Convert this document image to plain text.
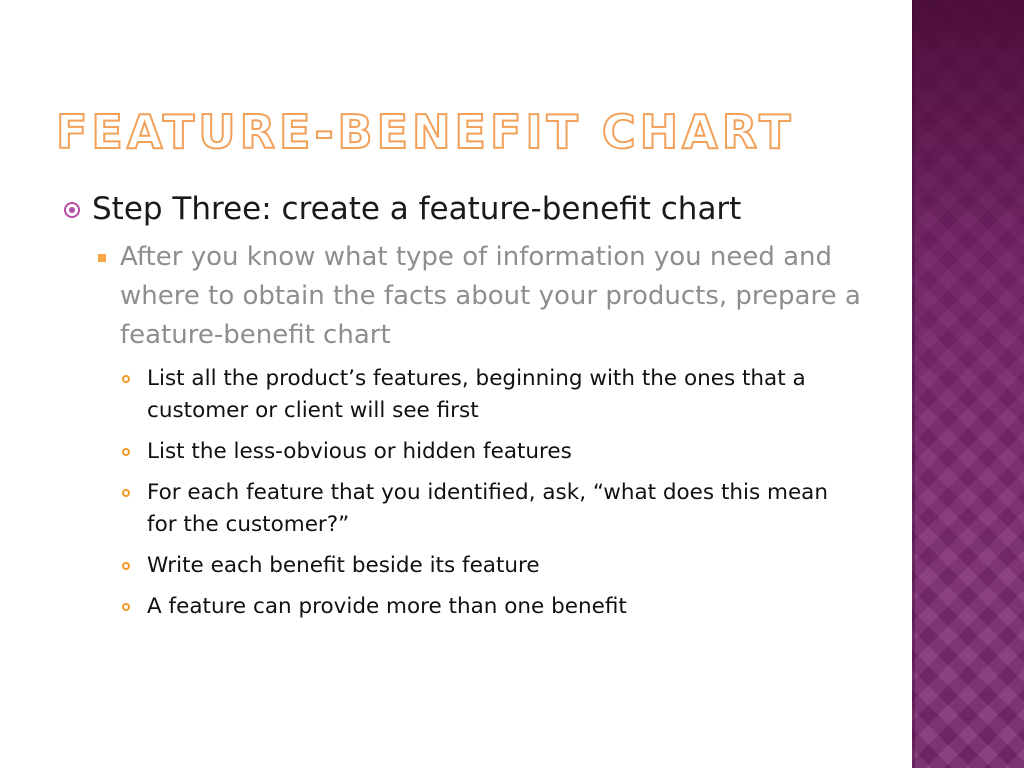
FEATURE-BENEFIT CHART
Step Three: create a feature-benefit chart
After you know what type of information you need and where to obtain the facts about your products, prepare a feature-benefit chart
List all the product’s features, beginning with the ones that a customer or client will see first
List the less-obvious or hidden features
For each feature that you identified, ask, “what does this mean for the customer?”
Write each benefit beside its feature
A feature can provide more than one benefit
